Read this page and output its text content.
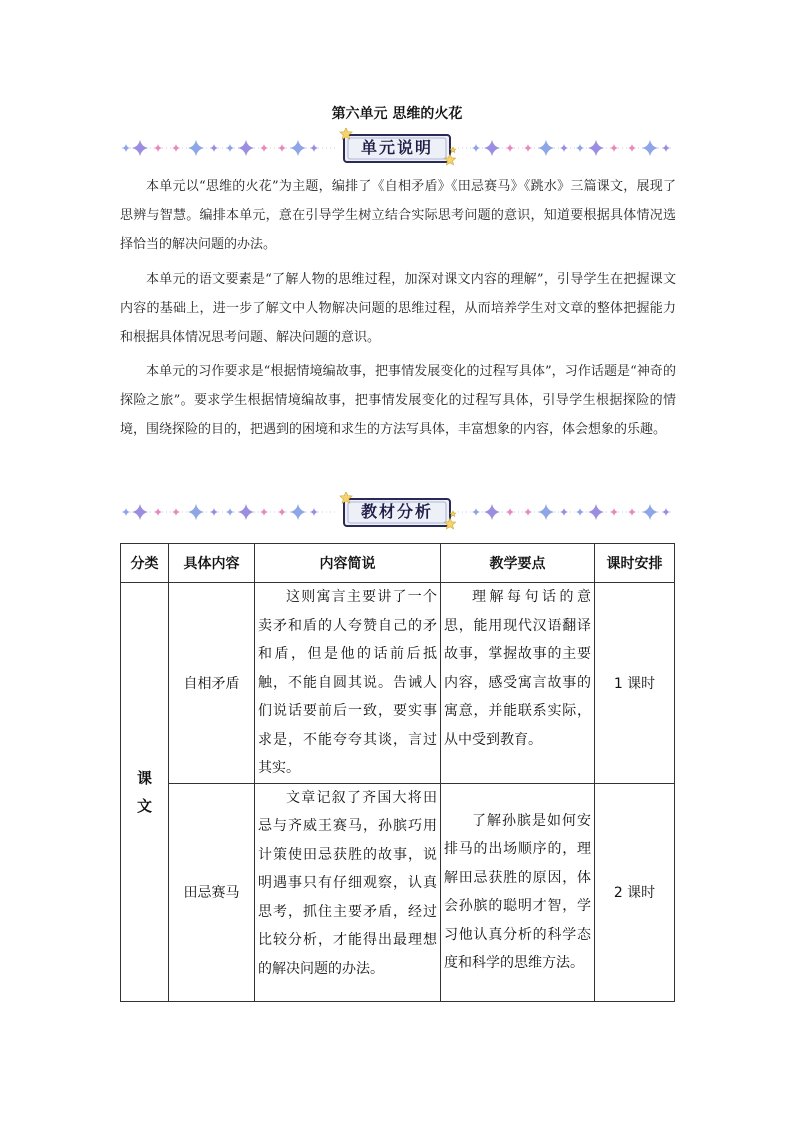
第六单元 思维的火花
单元说明

本单元以“思维的火花”为主题，编排了《自相矛盾》《田忌赛马》《跳水》三篇课文，展现了思辨与智慧。编排本单元，意在引导学生树立结合实际思考问题的意识，知道要根据具体情况选择恰当的解决问题的办法。

本单元的语文要素是“了解人物的思维过程，加深对课文内容的理解”，引导学生在把握课文内容的基础上，进一步了解文中人物解决问题的思维过程，从而培养学生对文章的整体把握能力和根据具体情况思考问题、解决问题的意识。

本单元的习作要求是“根据情境编故事，把事情发展变化的过程写具体”，习作话题是“神奇的探险之旅”。要求学生根据情境编故事，把事情发展变化的过程写具体，引导学生根据探险的情境，围绕探险的目的，把遇到的困境和求生的方法写具体，丰富想象的内容，体会想象的乐趣。

教材分析
分类	具体内容	内容简说	教学要点	课时安排
课文	自相矛盾	这则寓言主要讲了一个卖矛和盾的人夸赞自己的矛和盾，但是他的话前后抵触，不能自圆其说。告诫人们说话要前后一致，要实事求是，不能夸夸其谈，言过其实。	理解每句话的意思，能用现代汉语翻译故事，掌握故事的主要内容，感受寓言故事的寓意，并能联系实际，从中受到教育。	1 课时
	田忌赛马	文章记叙了齐国大将田忌与齐威王赛马，孙膑巧用计策使田忌获胜的故事，说明遇事只有仔细观察，认真思考，抓住主要矛盾，经过比较分析，才能得出最理想的解决问题的办法。	了解孙膑是如何安排马的出场顺序的，理解田忌获胜的原因，体会孙膑的聪明才智，学习他认真分析的科学态度和科学的思维方法。	2 课时
